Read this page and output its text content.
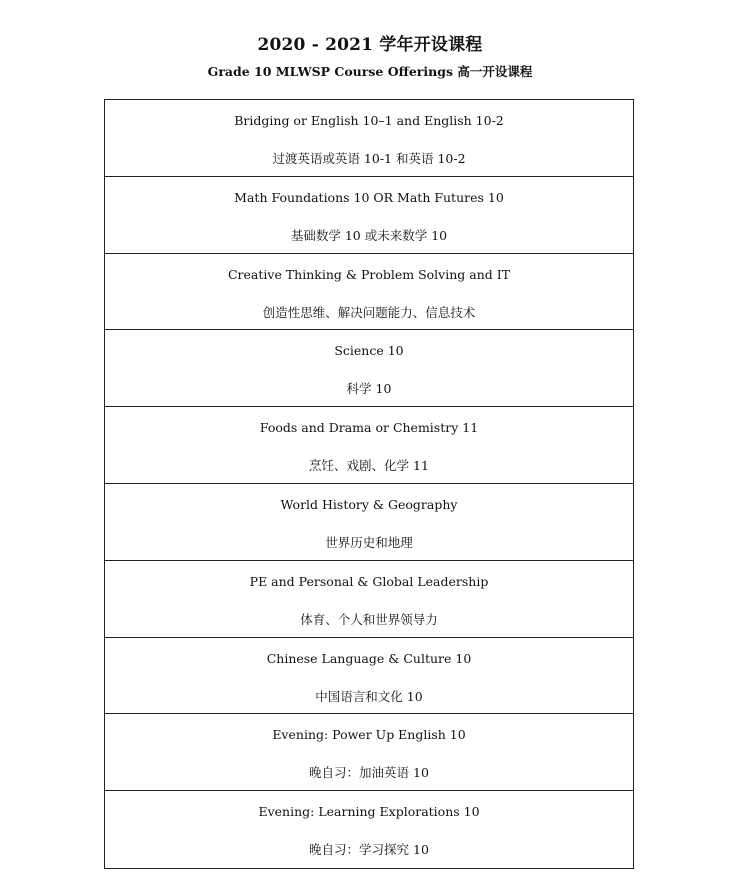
2020 - 2021 学年开设课程
Grade 10 MLWSP Course Offerings 高一开设课程
Bridging or English 10–1 and English 10-2
过渡英语或英语 10-1 和英语 10-2
Math Foundations 10 OR Math Futures 10
基础数学 10 或未来数学 10
Creative Thinking & Problem Solving and IT
创造性思维、解决问题能力、信息技术
Science 10
科学 10
Foods and Drama or Chemistry 11
烹饪、戏剧、化学 11
World History & Geography
世界历史和地理
PE and Personal & Global Leadership
体育、个人和世界领导力
Chinese Language & Culture 10
中国语言和文化 10
Evening: Power Up English 10
晚自习：加油英语 10
Evening: Learning Explorations 10
晚自习：学习探究 10
